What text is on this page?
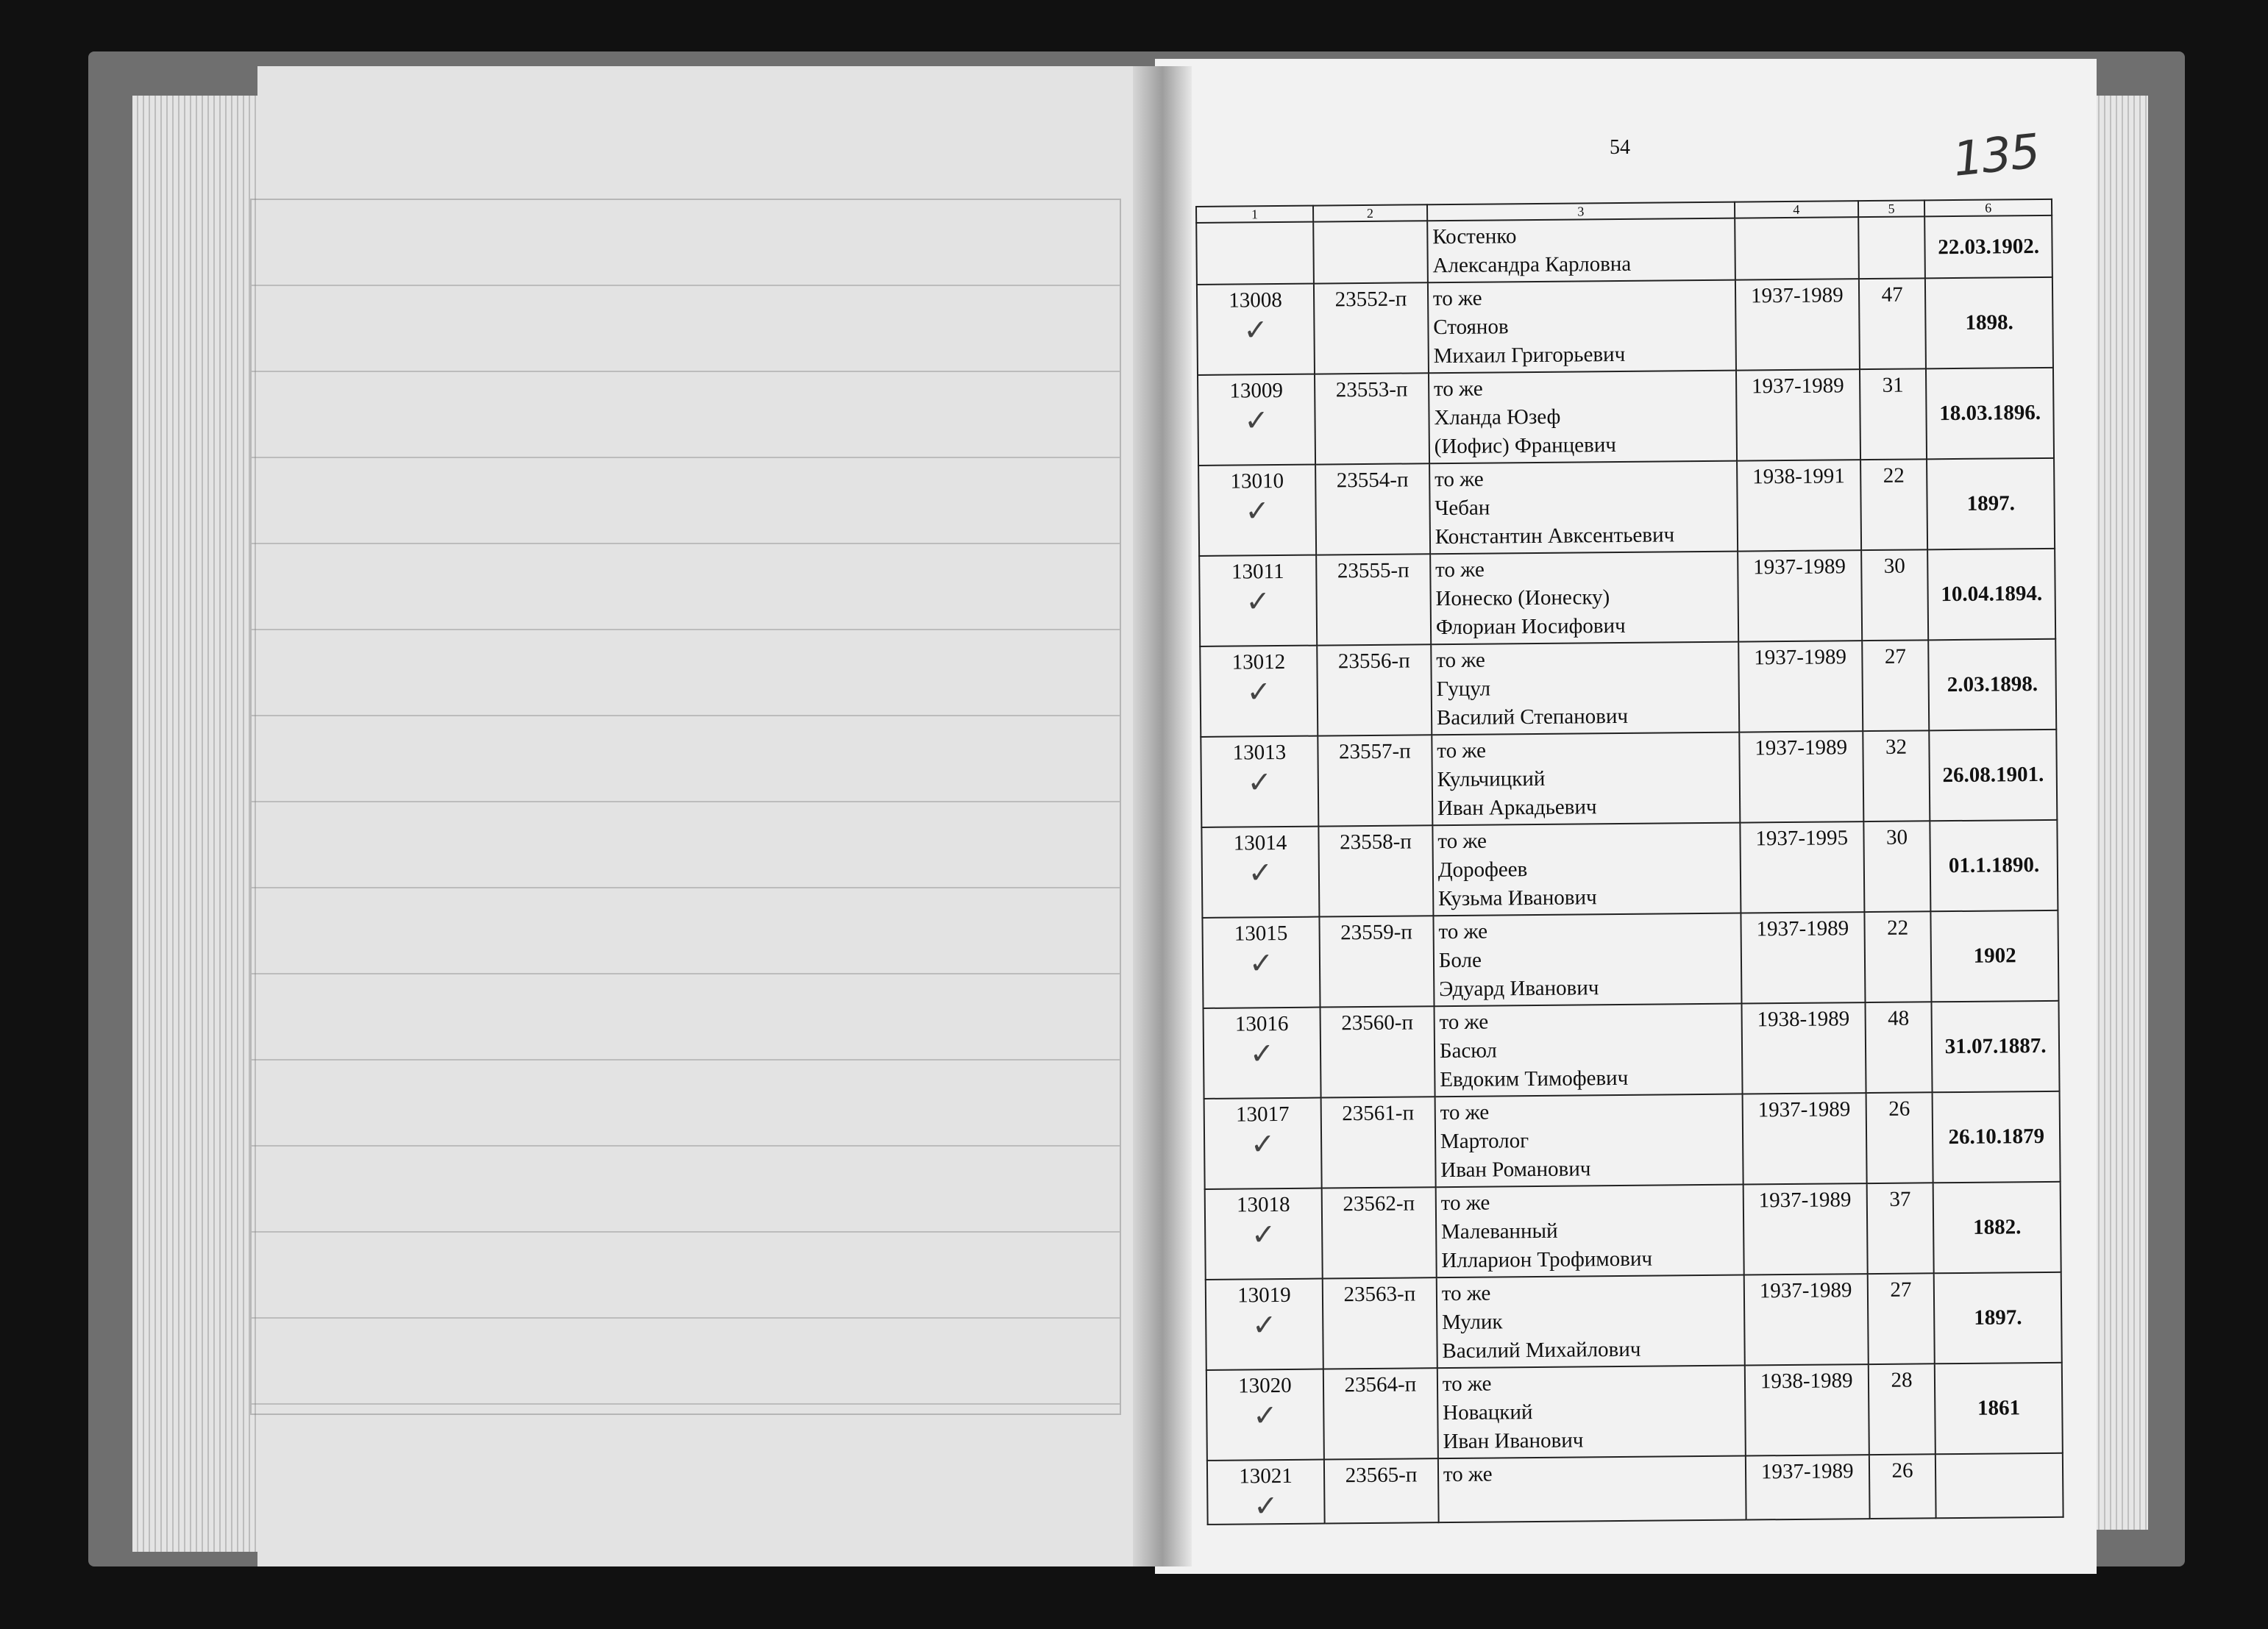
54	135
1	2	3	4	5	6

		Костенко
Александра Карловна			22.03.1902.

13008
✓	23552-п	то же
Стоянов
Михаил Григорьевич	1937-1989	47	1898.

13009
✓	23553-п	то же
Хланда Юзеф
(Иофис) Францевич	1937-1989	31	18.03.1896.

13010
✓	23554-п	то же
Чебан
Константин Авксентьевич	1938-1991	22	1897.

13011
✓	23555-п	то же
Ионеско (Ионеску)
Флориан Иосифович	1937-1989	30	10.04.1894.

13012
✓	23556-п	то же
Гуцул
Василий Степанович	1937-1989	27	2.03.1898.

13013
✓	23557-п	то же
Кульчицкий
Иван Аркадьевич	1937-1989	32	26.08.1901.

13014
✓	23558-п	то же
Дорофеев
Кузьма Иванович	1937-1995	30	01.1.1890.

13015
✓	23559-п	то же
Боле
Эдуард Иванович	1937-1989	22	1902

13016
✓	23560-п	то же
Басюл
Евдоким Тимофевич	1938-1989	48	31.07.1887.

13017
✓	23561-п	то же
Мартолог
Иван Романович	1937-1989	26	26.10.1879

13018
✓	23562-п	то же
Малеванный
Илларион Трофимович	1937-1989	37	1882.

13019
✓	23563-п	то же
Мулик
Василий Михайлович	1937-1989	27	1897.

13020
✓	23564-п	то же
Новацкий
Иван Иванович	1938-1989	28	1861

13021
✓	23565-п	то же	1937-1989	26	
